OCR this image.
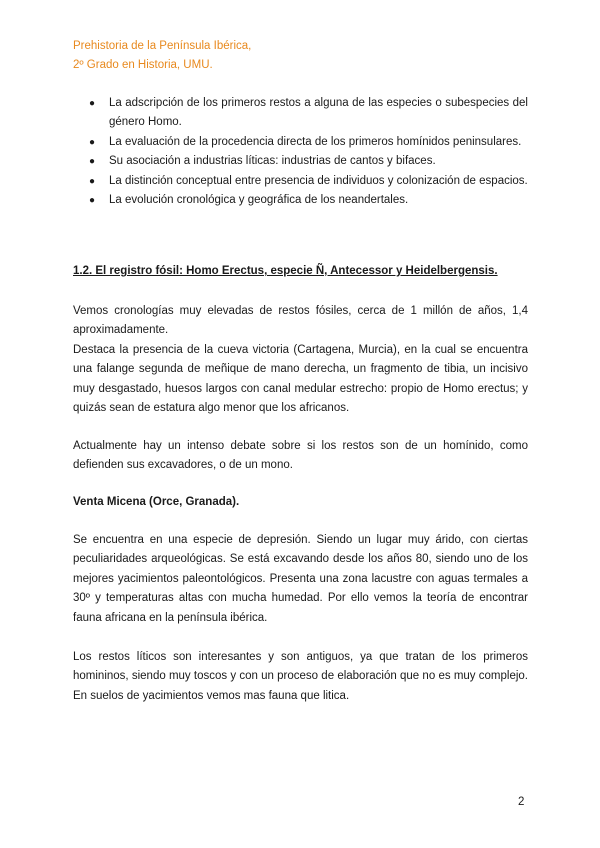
Prehistoria de la Península Ibérica,
2º Grado en Historia, UMU.
● La adscripción de los primeros restos a alguna de las especies o subespecies del género Homo.
● La evaluación de la procedencia directa de los primeros homínidos peninsulares.
● Su asociación a industrias líticas: industrias de cantos y bifaces.
● La distinción conceptual entre presencia de individuos y colonización de espacios.
● La evolución cronológica y geográfica de los neandertales.
1.2. El registro fósil: Homo Erectus, especie Ñ, Antecessor y Heidelbergensis.

Vemos cronologías muy elevadas de restos fósiles, cerca de 1 millón de años, 1,4 aproximadamente.

Destaca la presencia de la cueva victoria (Cartagena, Murcia), en la cual se encuentra una falange segunda de meñique de mano derecha, un fragmento de tibia, un incisivo muy desgastado, huesos largos con canal medular estrecho: propio de Homo erectus; y quizás sean de estatura algo menor que los africanos.

Actualmente hay un intenso debate sobre si los restos son de un homínido, como defienden sus excavadores, o de un mono.

Venta Micena (Orce, Granada).

Se encuentra en una especie de depresión. Siendo un lugar muy árido, con ciertas peculiaridades arqueológicas. Se está excavando desde los años 80, siendo uno de los mejores yacimientos paleontológicos. Presenta una zona lacustre con aguas termales a 30º y temperaturas altas con mucha humedad. Por ello vemos la teoría de encontrar fauna africana en la península ibérica.

Los restos líticos son interesantes y son antiguos, ya que tratan de los primeros homininos, siendo muy toscos y con un proceso de elaboración que no es muy complejo. En suelos de yacimientos vemos mas fauna que litica.

2
